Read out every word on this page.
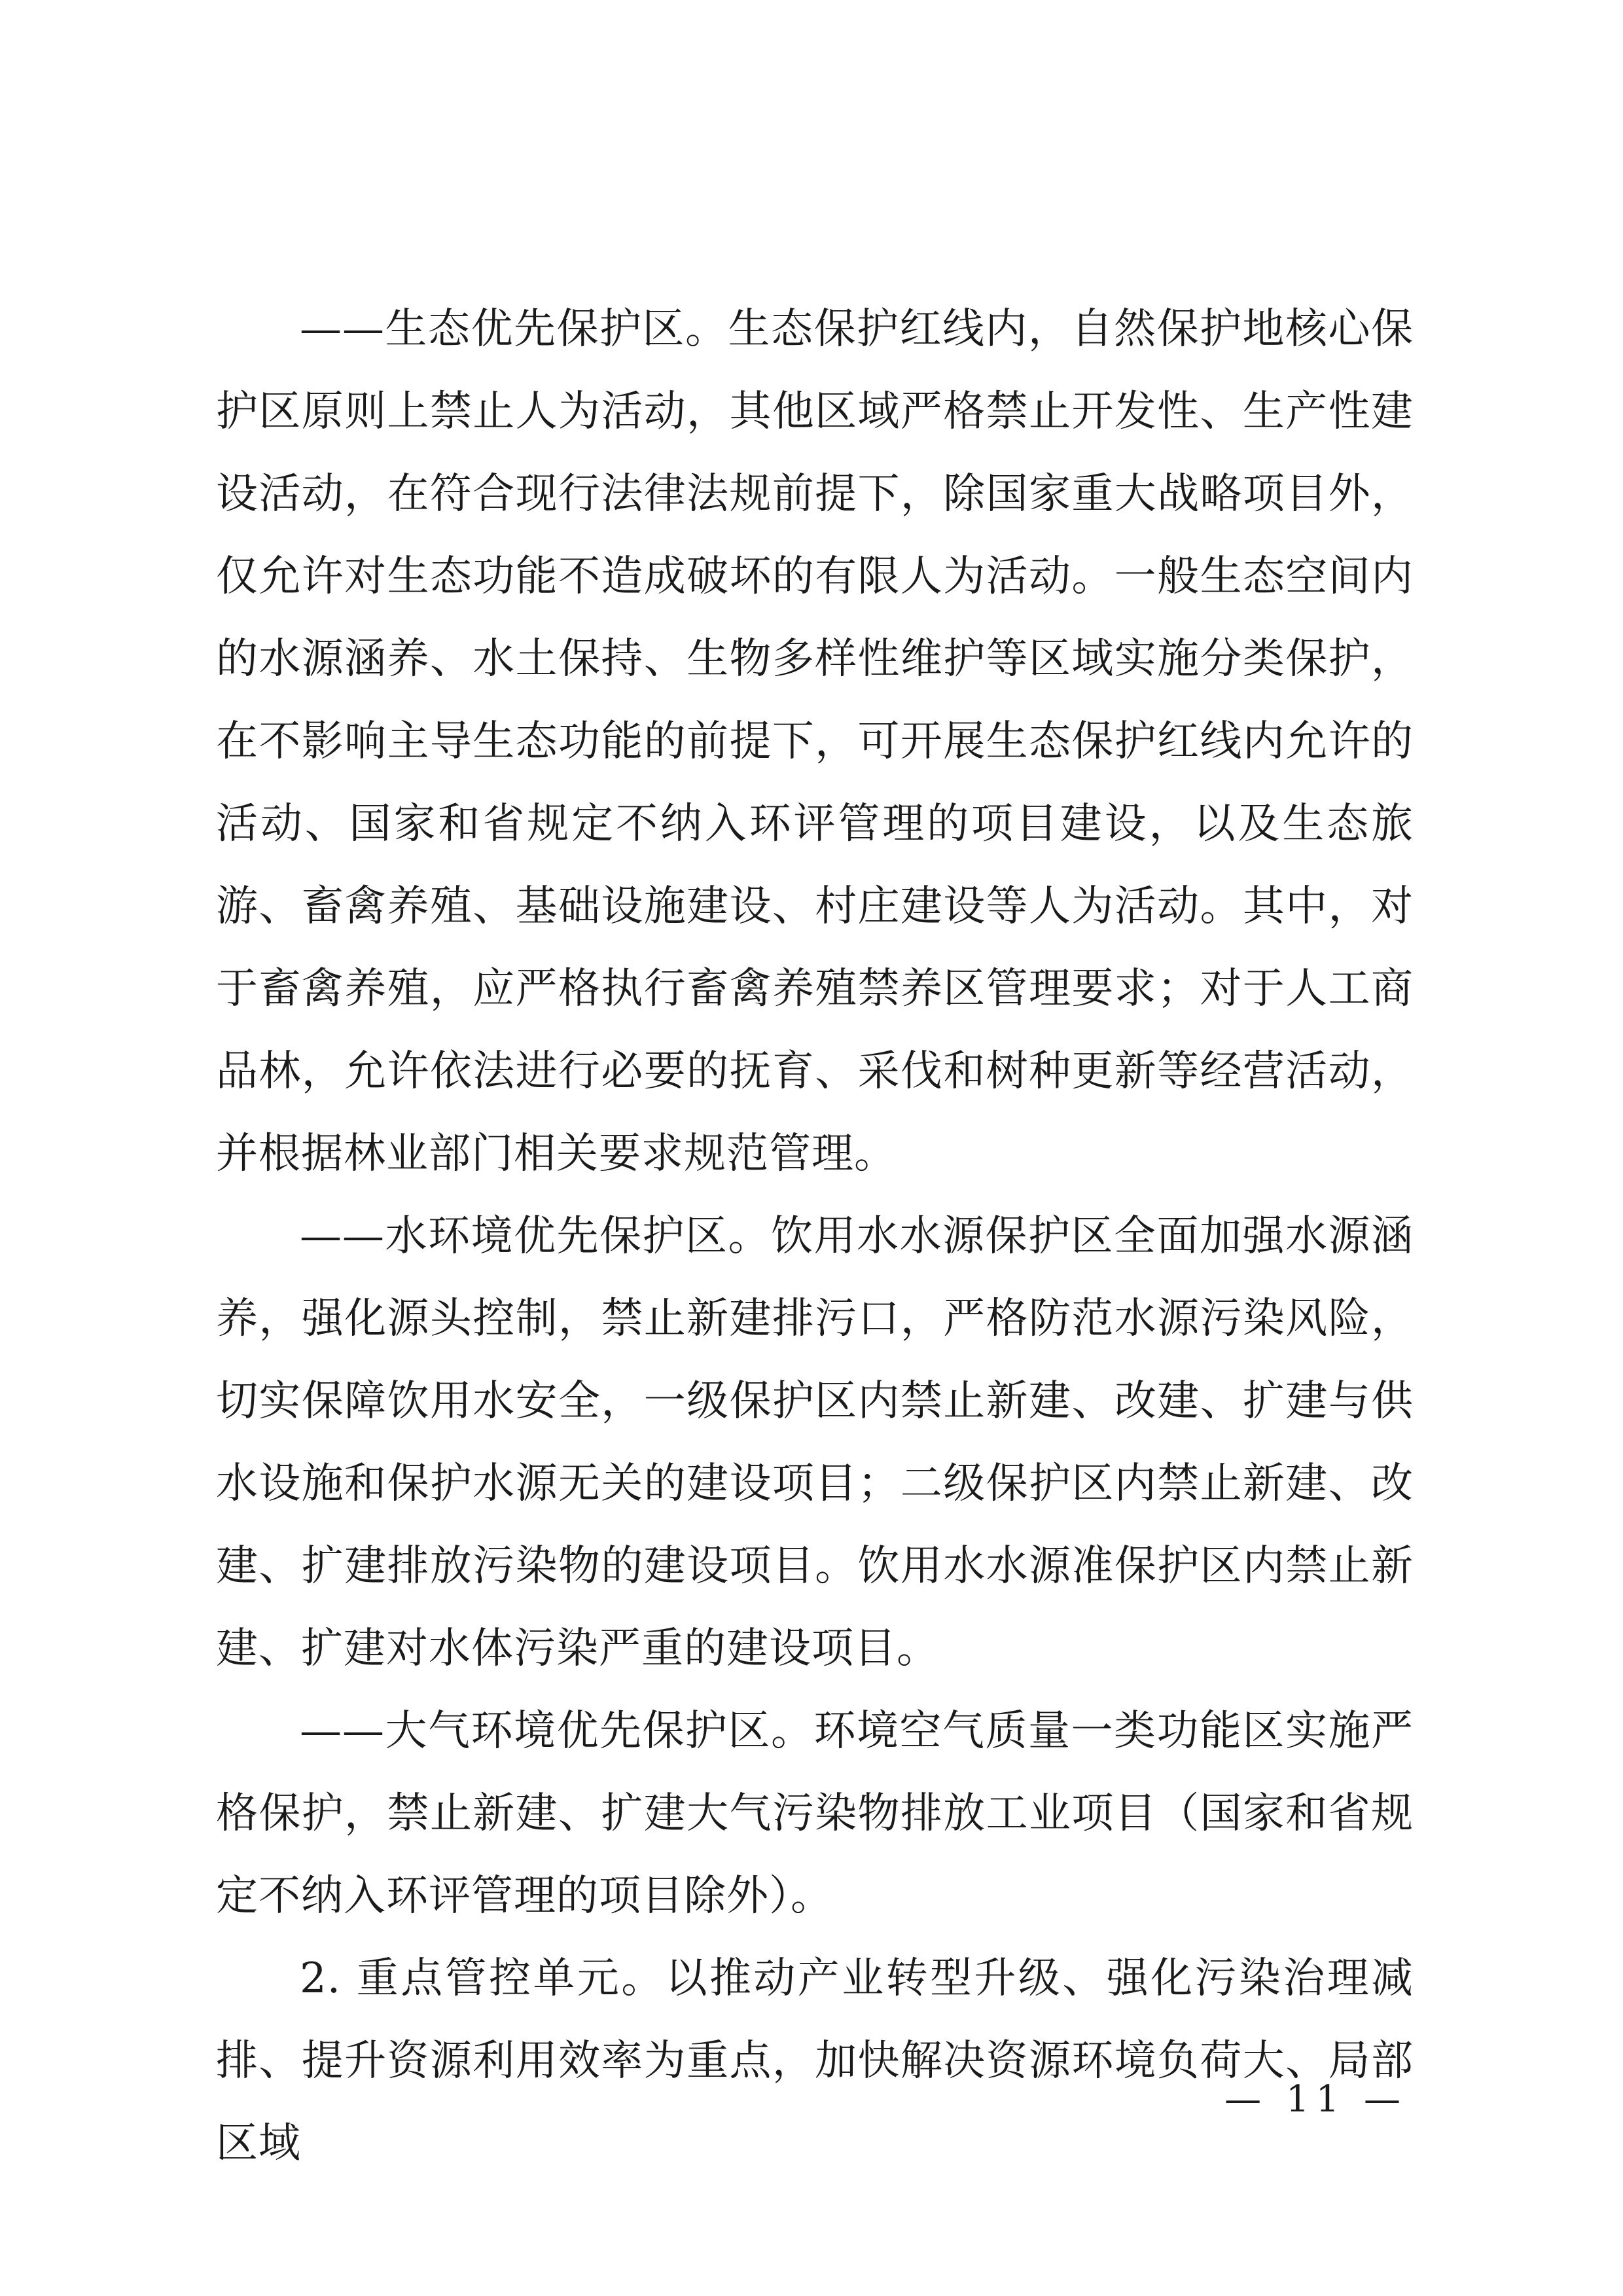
——生态优先保护区。生态保护红线内，自然保护地核心保护区原则上禁止人为活动，其他区域严格禁止开发性、生产性建设活动，在符合现行法律法规前提下，除国家重大战略项目外，仅允许对生态功能不造成破坏的有限人为活动。一般生态空间内的水源涵养、水土保持、生物多样性维护等区域实施分类保护，在不影响主导生态功能的前提下，可开展生态保护红线内允许的活动、国家和省规定不纳入环评管理的项目建设，以及生态旅游、畜禽养殖、基础设施建设、村庄建设等人为活动。其中，对于畜禽养殖，应严格执行畜禽养殖禁养区管理要求；对于人工商品林，允许依法进行必要的抚育、采伐和树种更新等经营活动，并根据林业部门相关要求规范管理。

——水环境优先保护区。饮用水水源保护区全面加强水源涵养，强化源头控制，禁止新建排污口，严格防范水源污染风险，切实保障饮用水安全，一级保护区内禁止新建、改建、扩建与供水设施和保护水源无关的建设项目；二级保护区内禁止新建、改建、扩建排放污染物的建设项目。饮用水水源准保护区内禁止新建、扩建对水体污染严重的建设项目。

——大气环境优先保护区。环境空气质量一类功能区实施严格保护，禁止新建、扩建大气污染物排放工业项目（国家和省规定不纳入环评管理的项目除外）。

2. 重点管控单元。以推动产业转型升级、强化污染治理减排、提升资源利用效率为重点，加快解决资源环境负荷大、局部区域

— 11 —
